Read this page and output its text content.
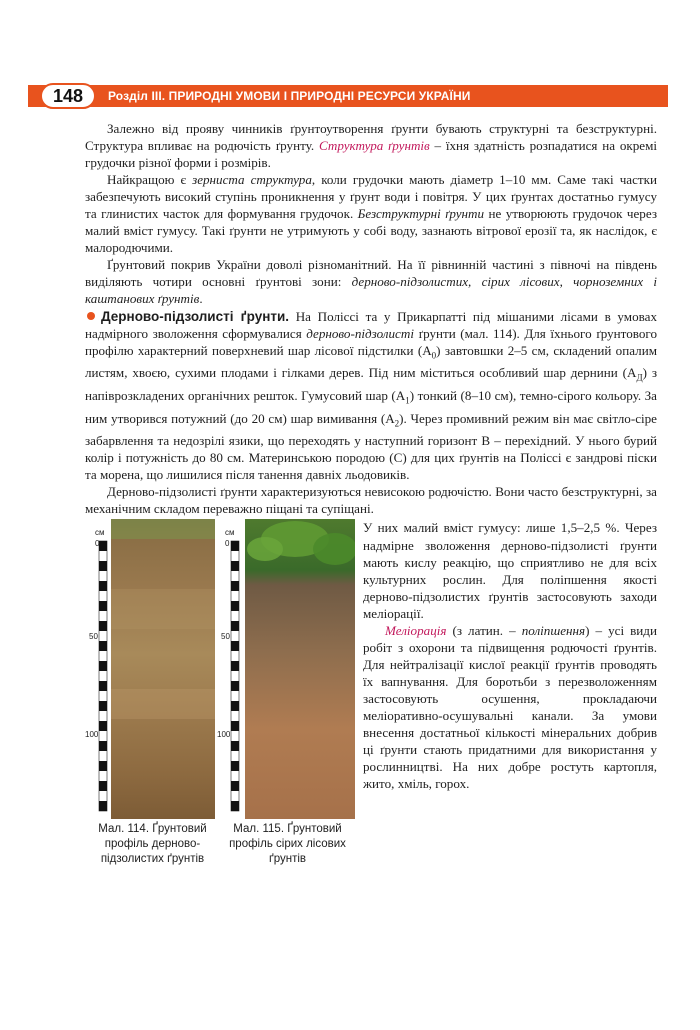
148	Розділ ІІІ. ПРИРОДНІ УМОВИ І ПРИРОДНІ РЕСУРСИ УКРАЇНИ

Залежно від прояву чинників ґрунтоутворення ґрунти бувають структурні та безструктурні. Структура впливає на родючість ґрунту. Структура ґрунтів – їхня здатність розпадатися на окремі грудочки різної форми і розмірів.

Найкращою є зерниста структура, коли грудочки мають діаметр 1–10 мм. Саме такі частки забезпечують високий ступінь проникнення у ґрунт води і повітря. У цих ґрунтах достатньо гумусу та глинистих часток для формування грудочок. Безструктурні ґрунти не утворюють грудочок через малий вміст гумусу. Такі ґрунти не утримують у собі воду, зазнають вітрової ерозії та, як наслідок, є малородючими.

Ґрунтовий покрив України доволі різноманітний. На її рівнинній частині з півночі на південь виділяють чотири основні ґрунтові зони: дерново-підзолистих, сірих лісових, чорноземних і каштанових ґрунтів.

Дерново-підзолисті ґрунти. На Поліссі та у Прикарпатті під мішаними лісами в умовах надмірного зволоження сформувалися дерново-підзолисті ґрунти (мал. 114). Для їхнього ґрунтового профілю характерний поверхневий шар лісової підстилки $(А_0)$ завтовшки 2–5 см, складений опалим листям, хвоєю, сухими плодами і гілками дерев. Під ним міститься особливий шар дернини $(А_Д)$ з напіврозкладених органічних решток. Гумусовий шар $(А_1)$ тонкий (8–10 см), темно-сірого кольору. За ним утворився потужний (до 20 см) шар вимивання $(А_2)$. Через промивний режим він має світло-сіре забарвлення та недозрілі язики, що переходять у наступний горизонт В – перехідний. У нього бурий колір і потужність до 80 см. Материнською породою (С) для цих ґрунтів на Поліссі є зандрові піски та морена, що лишилися після танення давніх льодовиків.

Дерново-підзолисті ґрунти характеризуються невисокою родючістю. Вони часто безструктурні, за механічним складом переважно піщані та супіщані.

см
0
50
100
см
0
50
100
Мал. 114. Ґрунтовий профіль дерново-підзолистих ґрунтів
Мал. 115. Ґрунтовий профіль сірих лісових ґрунтів

У них малий вміст гумусу: лише 1,5–2,5 %. Через надмірне зволоження дерново-підзолисті ґрунти мають кислу реакцію, що сприятливо не для всіх культурних рослин. Для поліпшення якості дерново-підзолистих ґрунтів застосовують заходи меліорації.

Меліорація (з латин. – поліпшення) – усі види робіт з охорони та підвищення родючості ґрунтів. Для нейтралізації кислої реакції ґрунтів проводять їх вапнування. Для боротьби з перезволоженням застосовують осушення, прокладаючи меліоративно-осушувальні канали. За умови внесення достатньої кількості мінеральних добрив ці ґрунти стають придатними для використання у рослинництві. На них добре ростуть картопля, жито, хміль, горох.
